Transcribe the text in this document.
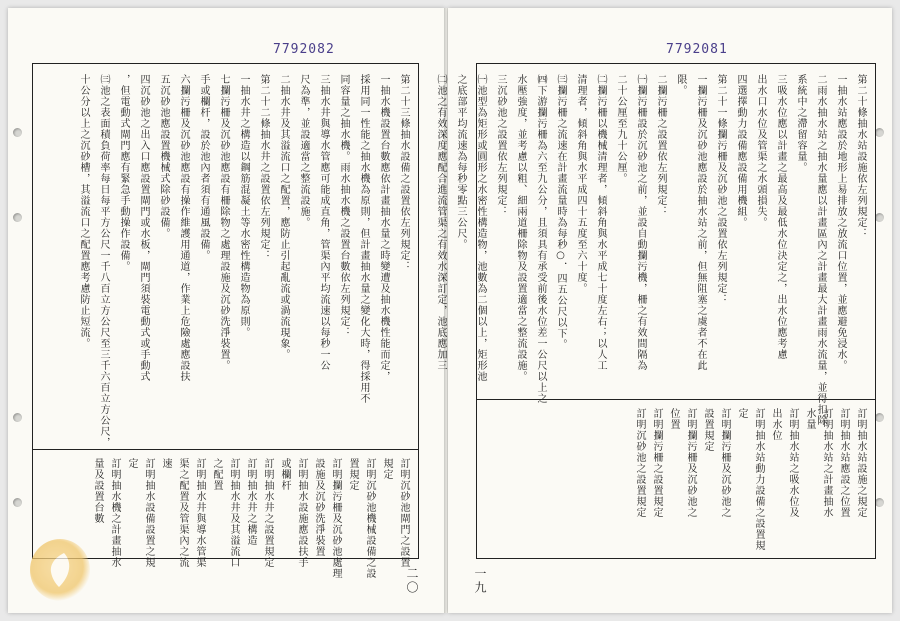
7792082
第二十三條抽水設備之設置依左列規定：
一抽水機設置台數應依計畫抽水量之時變遭及抽水機性能而定，
採用同一性能之抽水機為原則，但計畫抽水量之變化大時，得採用不
同容量之抽水機。雨水抽水機之設置台數依左列規定：
三抽水井與導水管應可能成直角，管渠內平均流速以每秒一公
尺為準，並設適當之整流設施。
二抽水井及其溢流口之配置，應防止引起亂流或渦流現象。
第二十二條抽水井之設置依左列規定：
一抽水井之構造以鋼筋混凝土等水密性構造物為原則。
七攔污柵及沉砂池應設有柵除物之處理設施及沉砂洗淨裝置。
手或欄杆，設於池內者須有通風設備。
六攔污柵及沉砂池應設有操作維護用通道，作業上危險處應設扶
五沉砂池應設置機械式除砂設備。
四沉砂池之出入口應設置閘門或水板，閘門須裝電動式或手動式
，但電動式閘門應有緊急手動操作設備。
㈢池之表面積負荷率每日每平方公尺一千八百立方公尺至三千六百立方公尺，
十公分以上之沉砂槽，其溢流口之配置應考慮防止短流。
訂明沉砂池閘門之設置
規定
訂明沉砂池機械設備之設
置規定
訂明攔污柵及沉砂池處理
設施及沉砂洗淨裝置
訂明抽水設施應設扶手
或欄杆
訂明抽水井之設置規定
訂明抽水井之構造
訂明抽水井及其溢流口
之配置
訂明抽水井與導水管渠
渠之配置及管渠內之流
速
訂明抽水設備設置之規
定
訂明抽水機之計畫抽水
量及設置台數
二〇
7792081
第二十條抽水站設施依左列規定：
一抽水站應設於地形上易排放之放流口位置，並應避免浸水。
二雨水抽水站之抽水量應以計畫區內之計畫最大計畫雨水流量，並得扣除
系統中之滯留容量。
三吸水位應以計畫之最高及最低水位決定之，出水位應考慮
出水口水位及管渠之水頭損失。
四選擇動力設備應設備用機組。
第二十一條攔污柵及沉砂池之設置依左列規定：
一攔污柵及沉砂池應設於抽水站之前，但無阻塞之虞者不在此
限。
二攔污柵之設置依左列規定：
㈠攔污柵設於沉砂池之前，並設自動攔污機，柵之有效間隔為
二十公厘至九十公厘。
㈡攔污柵以機械清理者，傾斜角與水平成七十度左右；以人工
清理者，傾斜角與水平成四十五度至六十度。
㈢攔污柵之流速在計畫流量時為每秒○．四五公尺以下。
㈣下游攔污柵為六至九公分，且須具有承受前後水位差一公尺以上之
水壓強度，並考慮以粗、細兩道柵除物及設置適當之整流設施。
三沉砂池之設置依左列規定：
㈠池型為矩形或圓形之水密性構造物，池數為二個以上，矩形池
之底部平均流速為每秒零點三公尺。
㈡池之有效深度應配合進流管渠之有效水深訂定，池底應加三
訂明抽水站設施之規定
訂明抽水站應設之位置
訂明抽水站之計畫抽水
水量
訂明抽水站之吸水位及
出水位
訂明抽水站動力設備之設置規
定
訂明攔污柵及沉砂池之
設置規定
訂明攔污柵及沉砂池之
位置
訂明攔污柵之設置規定
訂明沉砂池之設置規定
一九
